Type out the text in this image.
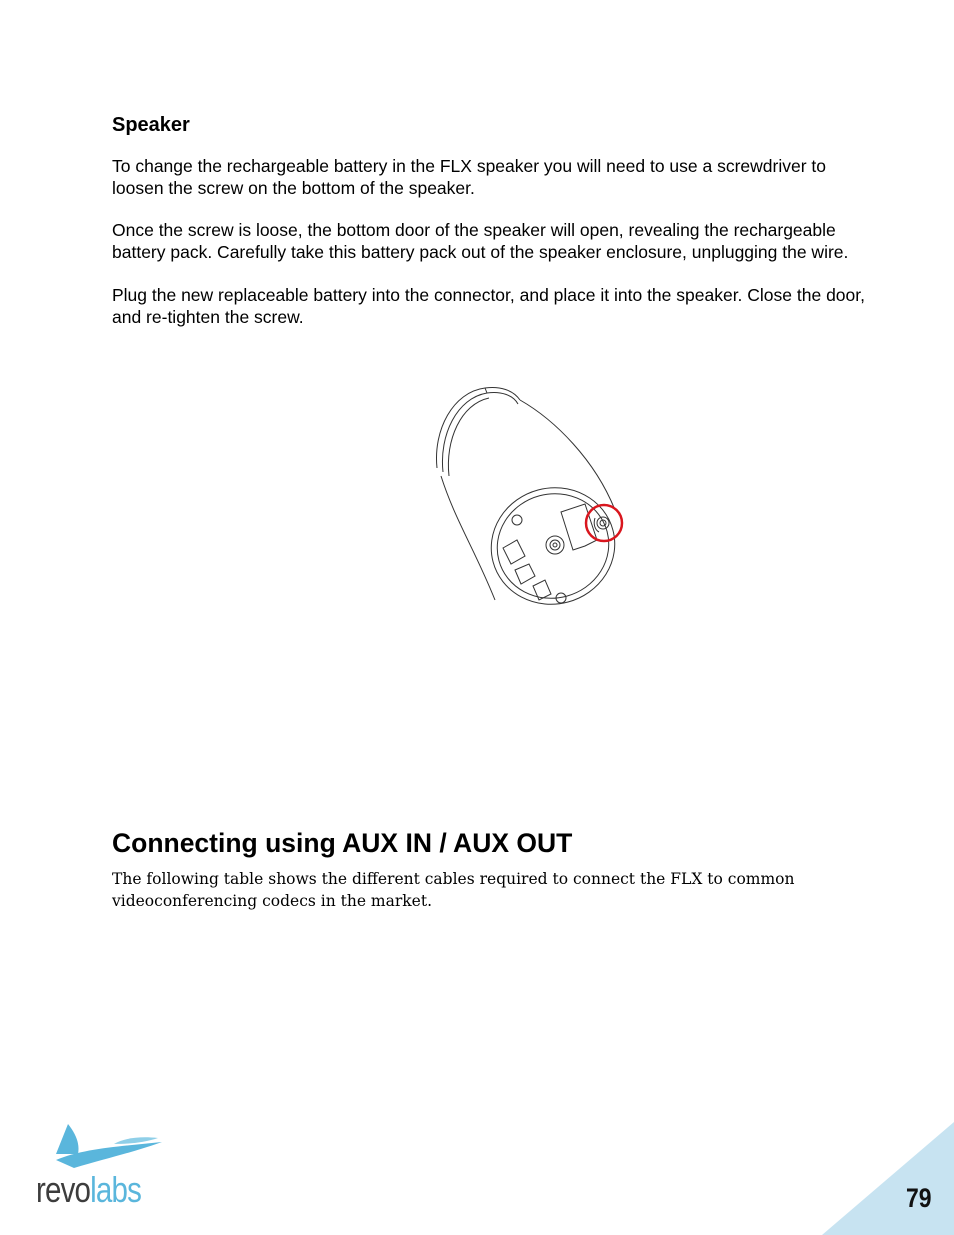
Speaker

To change the rechargeable battery in the FLX speaker you will need to use a screwdriver to loosen the screw on the bottom of the speaker.

Once the screw is loose, the bottom door of the speaker will open, revealing the rechargeable battery pack. Carefully take this battery pack out of the speaker enclosure, unplugging the wire.

Plug the new replaceable battery into the connector, and place it into the speaker. Close the door, and re-tighten the screw.

Connecting using AUX IN / AUX OUT

The following table shows the different cables required to connect the FLX to common videoconferencing codecs in the market.

revolabs	79
